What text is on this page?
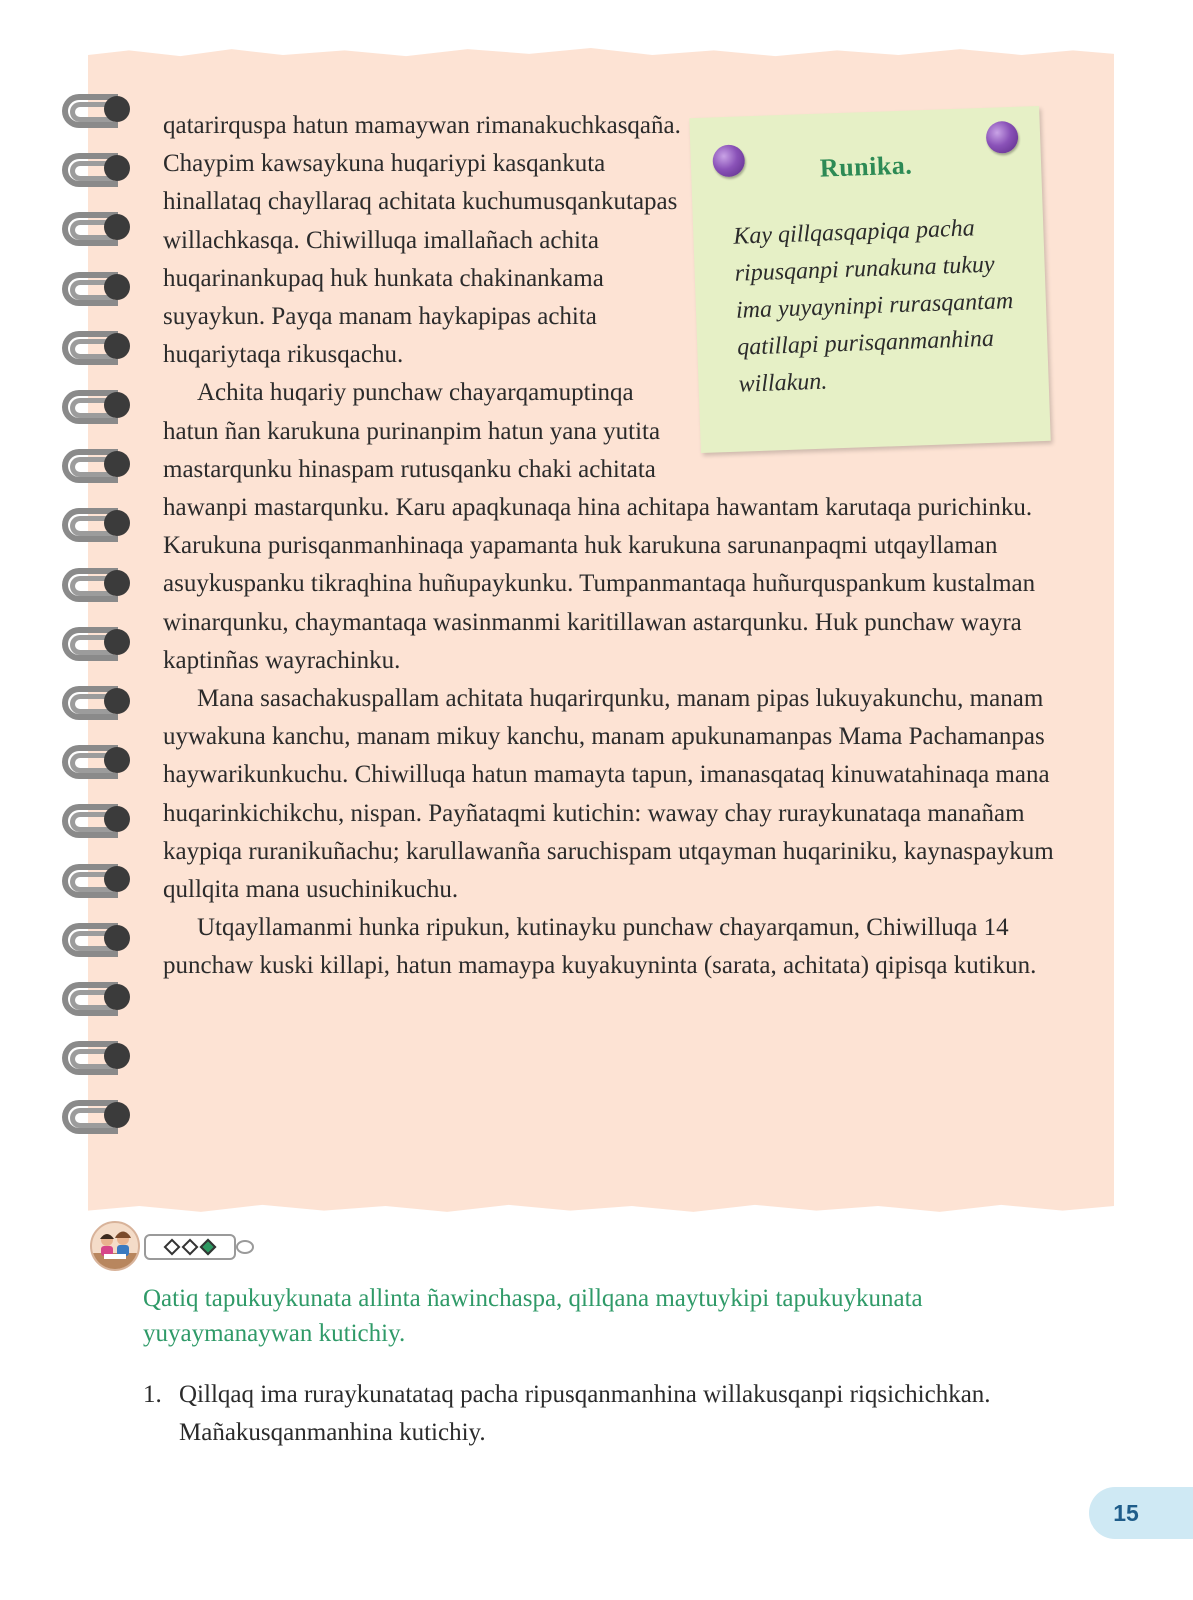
Runika.
Kay qillqasqapiqa pacha ripusqanpi runakuna tukuy ima yuyayninpi rurasqantam qatillapi purisqanmanhina willakun.

qatarirquspa hatun mamaywan rimanakuchkasqaña. Chaypim kawsaykuna huqariypi kasqankuta hinallataq chayllaraq achitata kuchumusqankutapas willachkasqa. Chiwilluqa imallañach achita huqarinankupaq huk hunkata chakinankama suyaykun. Payqa manam haykapipas achita huqariytaqa rikusqachu.

Achita huqariy punchaw chayarqamuptinqa hatun ñan karukuna purinanpim hatun yana yutita mastarqunku hinaspam rutusqanku chaki achitata hawanpi mastarqunku. Karu apaqkunaqa hina achitapa hawantam karutaqa purichinku. Karukuna purisqanmanhinaqa yapamanta huk karukuna sarunanpaqmi utqayllaman asuykuspanku tikraqhina huñupaykunku. Tumpanmantaqa huñurquspankum kustalman winarqunku, chaymantaqa wasinmanmi karitillawan astarqunku. Huk punchaw wayra kaptinñas wayrachinku.

Mana sasachakuspallam achitata huqarirqunku, manam pipas lukuyakunchu, manam uywakuna kanchu, manam mikuy kanchu, manam apukunamanpas Mama Pachamanpas haywarikunkuchu. Chiwilluqa hatun mamayta tapun, imanasqataq kinuwatahinaqa mana huqarinkichikchu, nispan. Payñataqmi kutichin: waway chay ruraykunataqa manañam kaypiqa ruranikuñachu; karullawanña saruchispam utqayman huqariniku, kaynaspaykum qullqita mana usuchinikuchu.

Utqayllamanmi hunka ripukun, kutinayku punchaw chayarqamun, Chiwilluqa 14 punchaw kuski killapi, hatun mamaypa kuyakuyninta (sarata, achitata) qipisqa kutikun.

Qatiq tapukuykunata allinta ñawinchaspa, qillqana maytuykipi tapukuykunata yuyaymanaywan kutichiy.
1. Qillqaq ima ruraykunatataq pacha ripusqanmanhina willakusqanpi riqsichichkan. Mañakusqanmanhina kutichiy.
15
